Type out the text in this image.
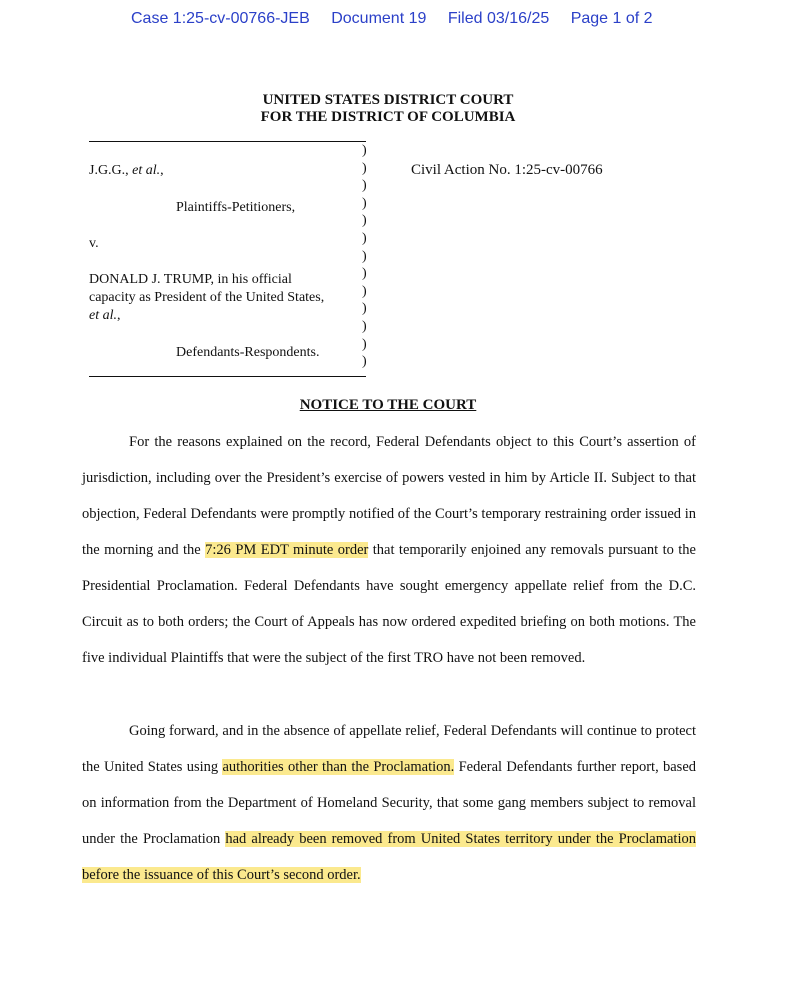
Case 1:25-cv-00766-JEB Document 19 Filed 03/16/25 Page 1 of 2
UNITED STATES DISTRICT COURT
FOR THE DISTRICT OF COLUMBIA
)
)
)
)
)
)
)
)
)
)
)
)
)
J.G.G., et al.,
Plaintiffs-Petitioners,
v.
DONALD J. TRUMP, in his official
capacity as President of the United States,
et al.,
Defendants-Respondents.
Civil Action No. 1:25-cv-00766
NOTICE TO THE COURT

For the reasons explained on the record, Federal Defendants object to this Court’s assertion of jurisdiction, including over the President’s exercise of powers vested in him by Article II. Subject to that objection, Federal Defendants were promptly notified of the Court’s temporary restraining order issued in the morning and the 7:26 PM EDT minute order that temporarily enjoined any removals pursuant to the Presidential Proclamation. Federal Defendants have sought emergency appellate relief from the D.C. Circuit as to both orders; the Court of Appeals has now ordered expedited briefing on both motions. The five individual Plaintiffs that were the subject of the first TRO have not been removed.

Going forward, and in the absence of appellate relief, Federal Defendants will continue to protect the United States using authorities other than the Proclamation. Federal Defendants further report, based on information from the Department of Homeland Security, that some gang members subject to removal under the Proclamation had already been removed from United States territory under the Proclamation before the issuance of this Court’s second order.
